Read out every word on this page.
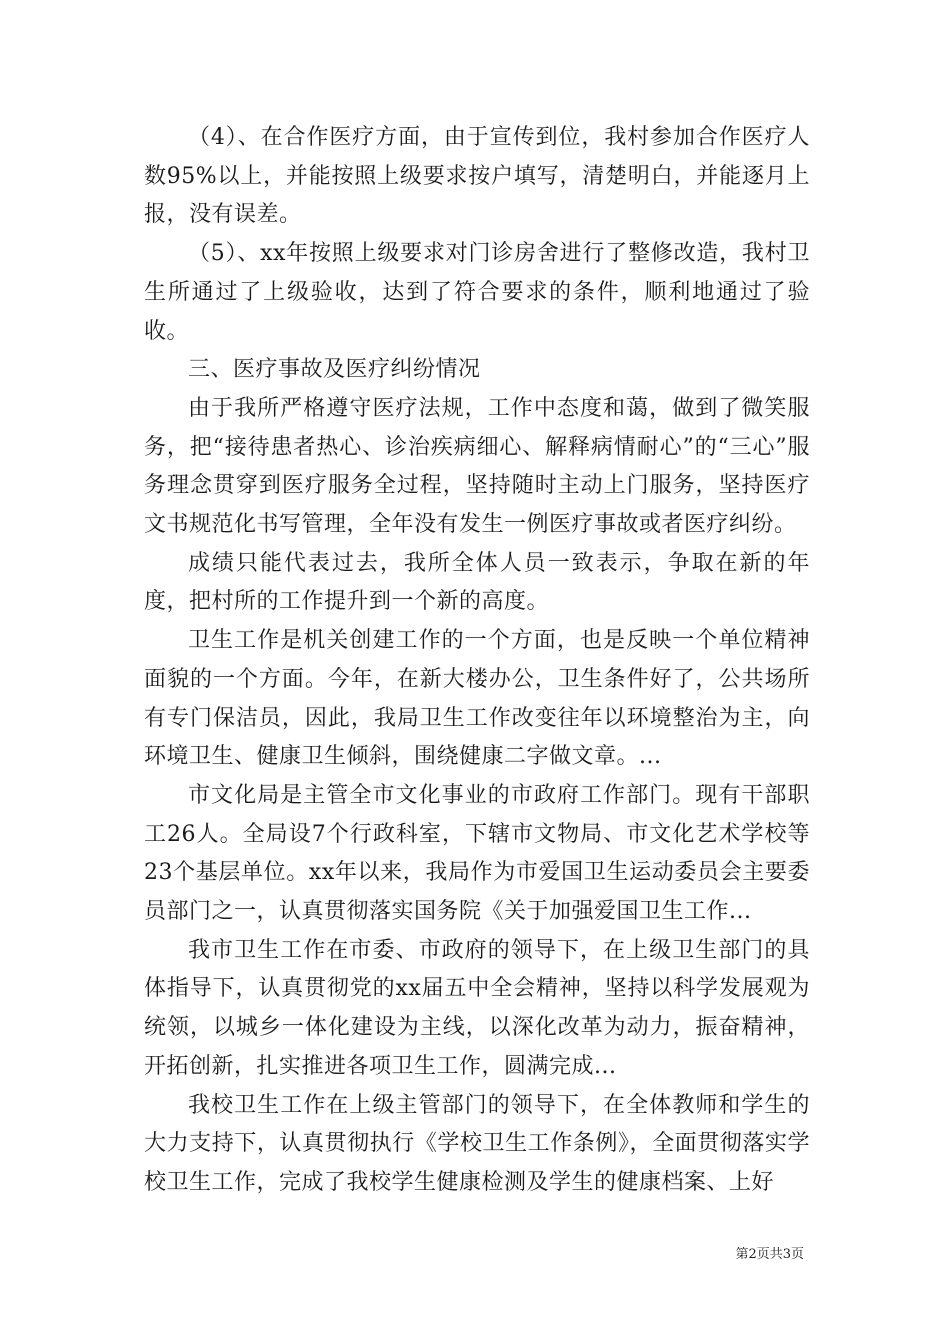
（4）、在合作医疗方面，由于宣传到位，我村参加合作医疗人数95%以上，并能按照上级要求按户填写，清楚明白，并能逐月上报，没有误差。

（5）、xx年按照上级要求对门诊房舍进行了整修改造，我村卫生所通过了上级验收，达到了符合要求的条件，顺利地通过了验收。

三、医疗事故及医疗纠纷情况

由于我所严格遵守医疗法规，工作中态度和蔼，做到了微笑服务，把“接待患者热心、诊治疾病细心、解释病情耐心”的“三心”服务理念贯穿到医疗服务全过程，坚持随时主动上门服务，坚持医疗文书规范化书写管理，全年没有发生一例医疗事故或者医疗纠纷。

成绩只能代表过去，我所全体人员一致表示，争取在新的年度，把村所的工作提升到一个新的高度。

卫生工作是机关创建工作的一个方面，也是反映一个单位精神面貌的一个方面。今年，在新大楼办公，卫生条件好了，公共场所有专门保洁员，因此，我局卫生工作改变往年以环境整治为主，向环境卫生、健康卫生倾斜，围绕健康二字做文章。...

市文化局是主管全市文化事业的市政府工作部门。现有干部职工26人。全局设7个行政科室，下辖市文物局、市文化艺术学校等23个基层单位。xx年以来，我局作为市爱国卫生运动委员会主要委员部门之一，认真贯彻落实国务院《关于加强爱国卫生工作...

我市卫生工作在市委、市政府的领导下，在上级卫生部门的具体指导下，认真贯彻党的xx届五中全会精神，坚持以科学发展观为统领，以城乡一体化建设为主线，以深化改革为动力，振奋精神，开拓创新，扎实推进各项卫生工作，圆满完成...

我校卫生工作在上级主管部门的领导下，在全体教师和学生的大力支持下，认真贯彻执行《学校卫生工作条例》，全面贯彻落实学校卫生工作，完成了我校学生健康检测及学生的健康档案、上好

第2页共3页
